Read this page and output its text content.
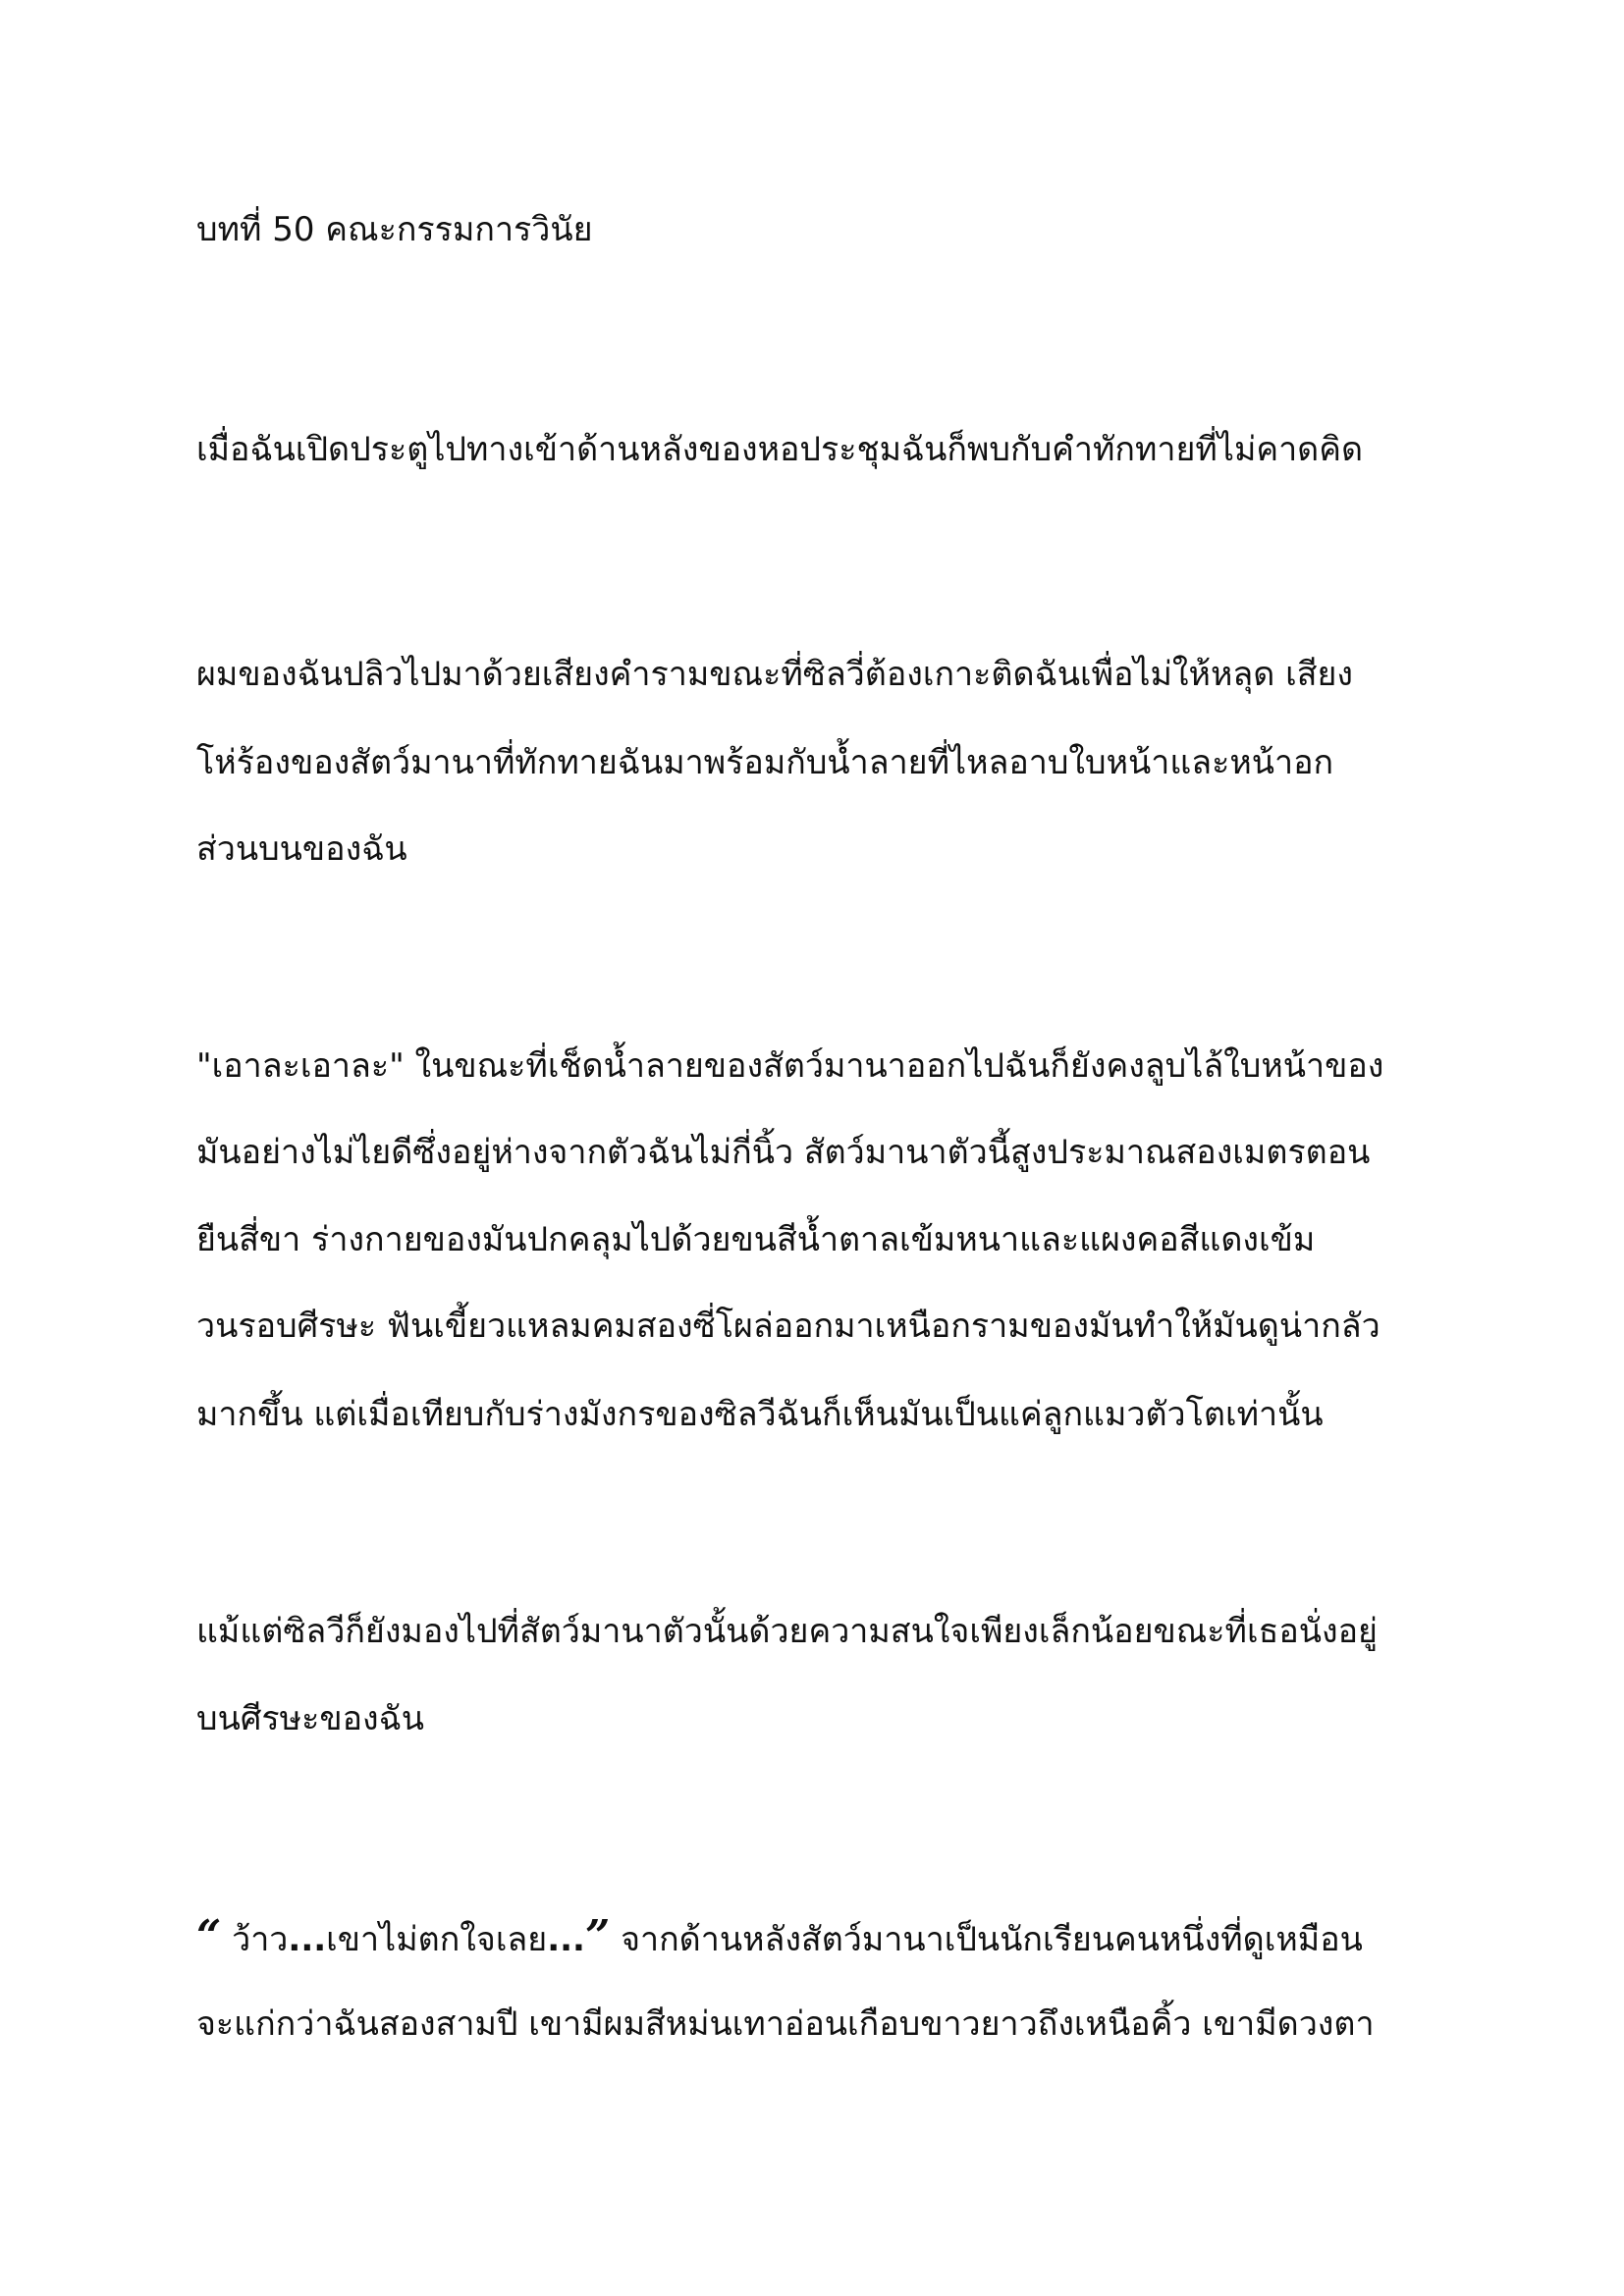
บทที่ 50 คณะกรรมการวินัย
เมื่อฉันเปิดประตูไปทางเข้าด้านหลังของหอประชุมฉันก็พบกับคำทักทายที่ไม่คาดคิด
ผมของฉันปลิวไปมาด้วยเสียงคำรามขณะที่ซิลวี่ต้องเกาะติดฉันเพื่อไม่ให้หลุด เสียง
โห่ร้องของสัตว์มานาที่ทักทายฉันมาพร้อมกับน้ำลายที่ไหลอาบใบหน้าและหน้าอก
ส่วนบนของฉัน
"เอาละเอาละ" ในขณะที่เช็ดน้ำลายของสัตว์มานาออกไปฉันก็ยังคงลูบไล้ใบหน้าของ
มันอย่างไม่ไยดีซึ่งอยู่ห่างจากตัวฉันไม่กี่นิ้ว สัตว์มานาตัวนี้สูงประมาณสองเมตรตอน
ยืนสี่ขา ร่างกายของมันปกคลุมไปด้วยขนสีน้ำตาลเข้มหนาและแผงคอสีแดงเข้ม
วนรอบศีรษะ ฟันเขี้ยวแหลมคมสองซี่โผล่ออกมาเหนือกรามของมันทำให้มันดูน่ากลัว
มากขึ้น แต่เมื่อเทียบกับร่างมังกรของซิลวีฉันก็เห็นมันเป็นแค่ลูกแมวตัวโตเท่านั้น
แม้แต่ซิลวีก็ยังมองไปที่สัตว์มานาตัวนั้นด้วยความสนใจเพียงเล็กน้อยขณะที่เธอนั่งอยู่
บนศีรษะของฉัน
“ ว้าว...เขาไม่ตกใจเลย...” จากด้านหลังสัตว์มานาเป็นนักเรียนคนหนึ่งที่ดูเหมือน
จะแก่กว่าฉันสองสามปี เขามีผมสีหม่นเทาอ่อนเกือบขาวยาวถึงเหนือคิ้ว เขามีดวงตา
